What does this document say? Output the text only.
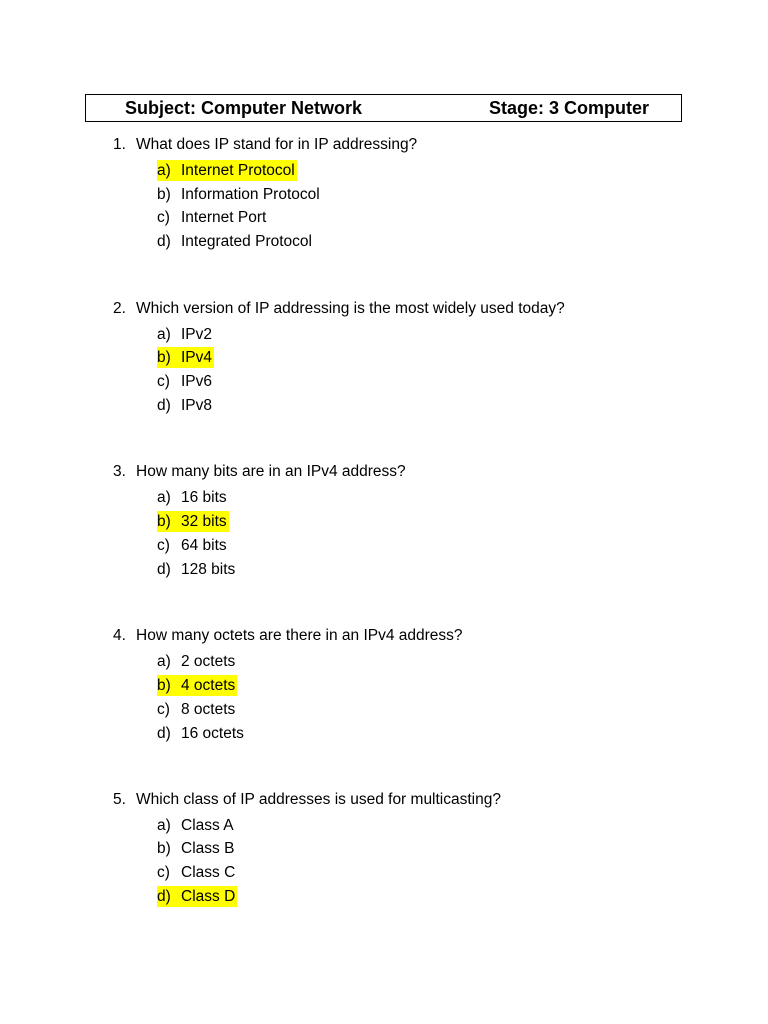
Subject: Computer Network	Stage: 3 Computer
1. What does IP stand for in IP addressing?
a) Internet Protocol
b) Information Protocol
c) Internet Port
d) Integrated Protocol
2. Which version of IP addressing is the most widely used today?
a) IPv2
b) IPv4
c) IPv6
d) IPv8
3. How many bits are in an IPv4 address?
a) 16 bits
b) 32 bits
c) 64 bits
d) 128 bits
4. How many octets are there in an IPv4 address?
a) 2 octets
b) 4 octets
c) 8 octets
d) 16 octets
5. Which class of IP addresses is used for multicasting?
a) Class A
b) Class B
c) Class C
d) Class D
